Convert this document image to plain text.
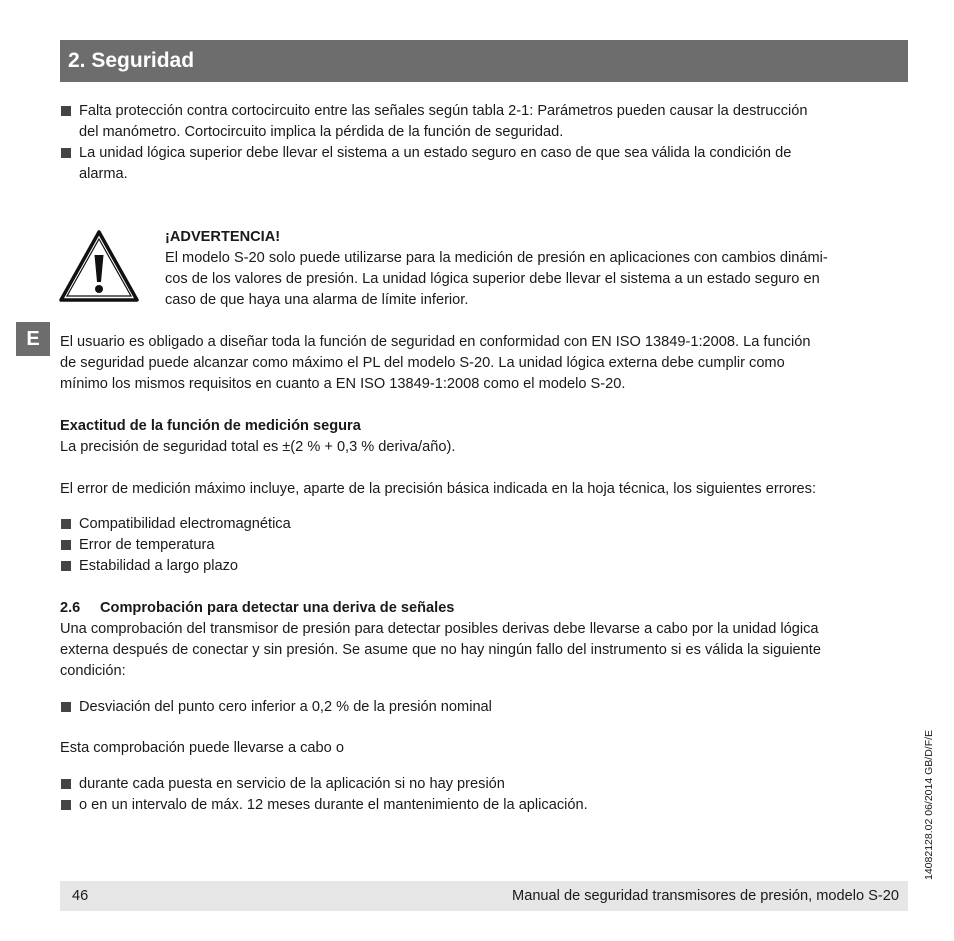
2. Seguridad
E

Falta protección contra cortocircuito entre las señales según tabla 2-1: Parámetros pueden causar la destrucción

del manómetro. Cortocircuito implica la pérdida de la función de seguridad.

La unidad lógica superior debe llevar el sistema a un estado seguro en caso de que sea válida la condición de

alarma.

¡ADVERTENCIA!

El modelo S-20 solo puede utilizarse para la medición de presión en aplicaciones con cambios dinámi-

cos de los valores de presión. La unidad lógica superior debe llevar el sistema a un estado seguro en

caso de que haya una alarma de límite inferior.

El usuario es obligado a diseñar toda la función de seguridad en conformidad con EN ISO 13849-1:2008. La función

de seguridad puede alcanzar como máximo el PL del modelo S-20. La unidad lógica externa debe cumplir como

mínimo los mismos requisitos en cuanto a EN ISO 13849-1:2008 como el modelo S-20.

Exactitud de la función de medición segura

La precisión de seguridad total es ±(2 % + 0,3 % deriva/año).

El error de medición máximo incluye, aparte de la precisión básica indicada en la hoja técnica, los siguientes errores:

Compatibilidad electromagnética

Error de temperatura

Estabilidad a largo plazo

2.6 Comprobación para detectar una deriva de señales

Una comprobación del transmisor de presión para detectar posibles derivas debe llevarse a cabo por la unidad lógica

externa después de conectar y sin presión. Se asume que no hay ningún fallo del instrumento si es válida la siguiente

condición:

Desviación del punto cero inferior a 0,2 % de la presión nominal

Esta comprobación puede llevarse a cabo o

durante cada puesta en servicio de la aplicación si no hay presión

o en un intervalo de máx. 12 meses durante el mantenimiento de la aplicación.	14082128.02 06/2014 GB/D/F/E
46	Manual de seguridad transmisores de presión, modelo S-20
